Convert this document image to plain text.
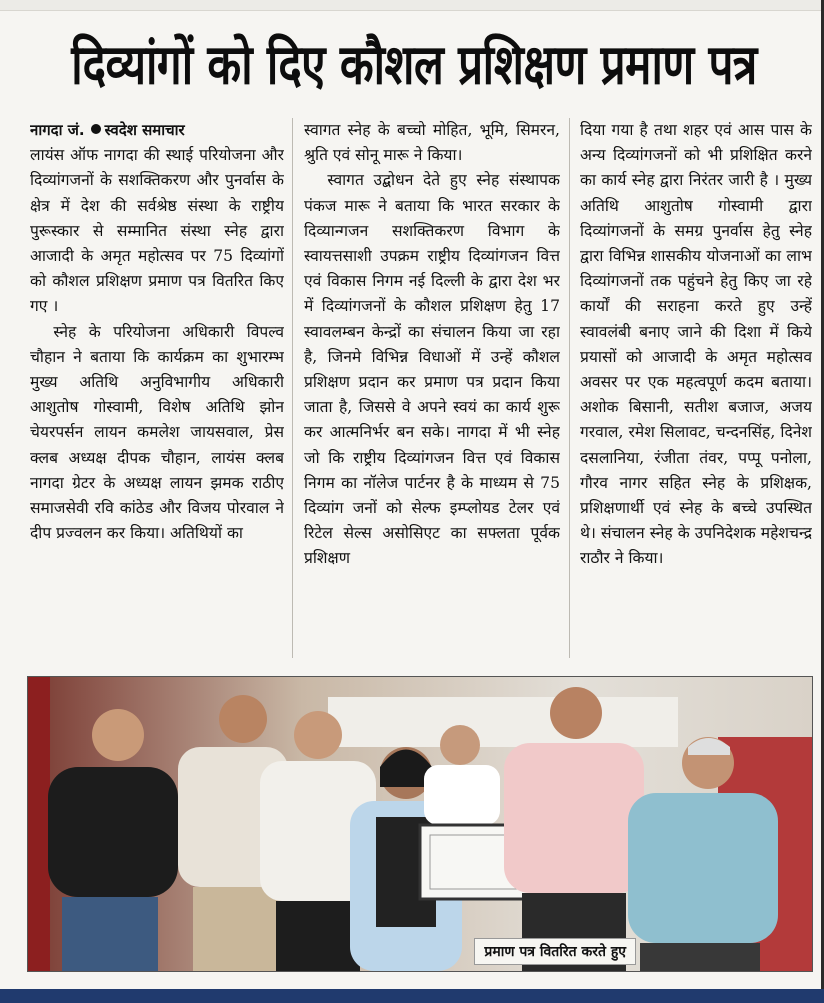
दिव्यांगों को दिए कौशल प्रशिक्षण प्रमाण पत्र

नागदा जं. स्वदेश समाचार

लायंस ऑफ नागदा की स्थाई परियोजना और दिव्यांगजनों के सशक्तिकरण और पुनर्वास के क्षेत्र में देश की सर्वश्रेष्ठ संस्था के राष्ट्रीय पुरूस्कार से सम्मानित संस्था स्नेह द्वारा आजादी के अमृत महोत्सव पर 75 दिव्यांगों को कौशल प्रशिक्षण प्रमाण पत्र वितरित किए गए ।

स्नेह के परियोजना अधिकारी विपल्व चौहान ने बताया कि कार्यक्रम का शुभारम्भ मुख्य अतिथि अनुविभागीय अधिकारी आशुतोष गोस्वामी, विशेष अतिथि झोन चेयरपर्सन लायन कमलेश जायसवाल, प्रेस क्लब अध्यक्ष दीपक चौहान, लायंस क्लब नागदा ग्रेटर के अध्यक्ष लायन झमक राठीए समाजसेवी रवि कांठेड और विजय पोरवाल ने दीप प्रज्वलन कर किया। अतिथियों का

स्वागत स्नेह के बच्चो मोहित, भूमि, सिमरन, श्रुति एवं सोनू मारू ने किया।

स्वागत उद्बोधन देते हुए स्नेह संस्थापक पंकज मारू ने बताया कि भारत सरकार के दिव्यान्गजन सशक्तिकरण विभाग के स्वायत्तसाशी उपक्रम राष्ट्रीय दिव्यांगजन वित्त एवं विकास निगम नई दिल्ली के द्वारा देश भर में दिव्यांगजनों के कौशल प्रशिक्षण हेतु 17 स्वावलम्बन केन्द्रों का संचालन किया जा रहा है, जिनमे विभिन्न विधाओं में उन्हें कौशल प्रशिक्षण प्रदान कर प्रमाण पत्र प्रदान किया जाता है, जिससे वे अपने स्वयं का कार्य शुरू कर आत्मनिर्भर बन सके। नागदा में भी स्नेह जो कि राष्ट्रीय दिव्यांगजन वित्त एवं विकास निगम का नॉलेज पार्टनर है के माध्यम से 75 दिव्यांग जनों को सेल्फ इम्प्लोयड टेलर एवं रिटेल सेल्स असोसिएट का सफ्लता पूर्वक प्रशिक्षण

दिया गया है तथा शहर एवं आस पास के अन्य दिव्यांगजनों को भी प्रशिक्षित करने का कार्य स्नेह द्वारा निरंतर जारी है । मुख्य अतिथि आशुतोष गोस्वामी द्वारा दिव्यांगजनों के समग्र पुनर्वास हेतु स्नेह द्वारा विभिन्न शासकीय योजनाओं का लाभ दिव्यांगजनों तक पहुंचने हेतु किए जा रहे कार्यों की सराहना करते हुए उन्हें स्वावलंबी बनाए जाने की दिशा में किये प्रयासों को आजादी के अमृत महोत्सव अवसर पर एक महत्वपूर्ण कदम बताया। अशोक बिसानी, सतीश बजाज, अजय गरवाल, रमेश सिलावट, चन्दनसिंह, दिनेश दसलानिया, रंजीता तंवर, पप्पू पनोला, गौरव नागर सहित स्नेह के प्रशिक्षक, प्रशिक्षणार्थी एवं स्नेह के बच्चे उपस्थित थे। संचालन स्नेह के उपनिदेशक महेशचन्द्र राठौर ने किया।

प्रमाण पत्र वितरित करते हुए
